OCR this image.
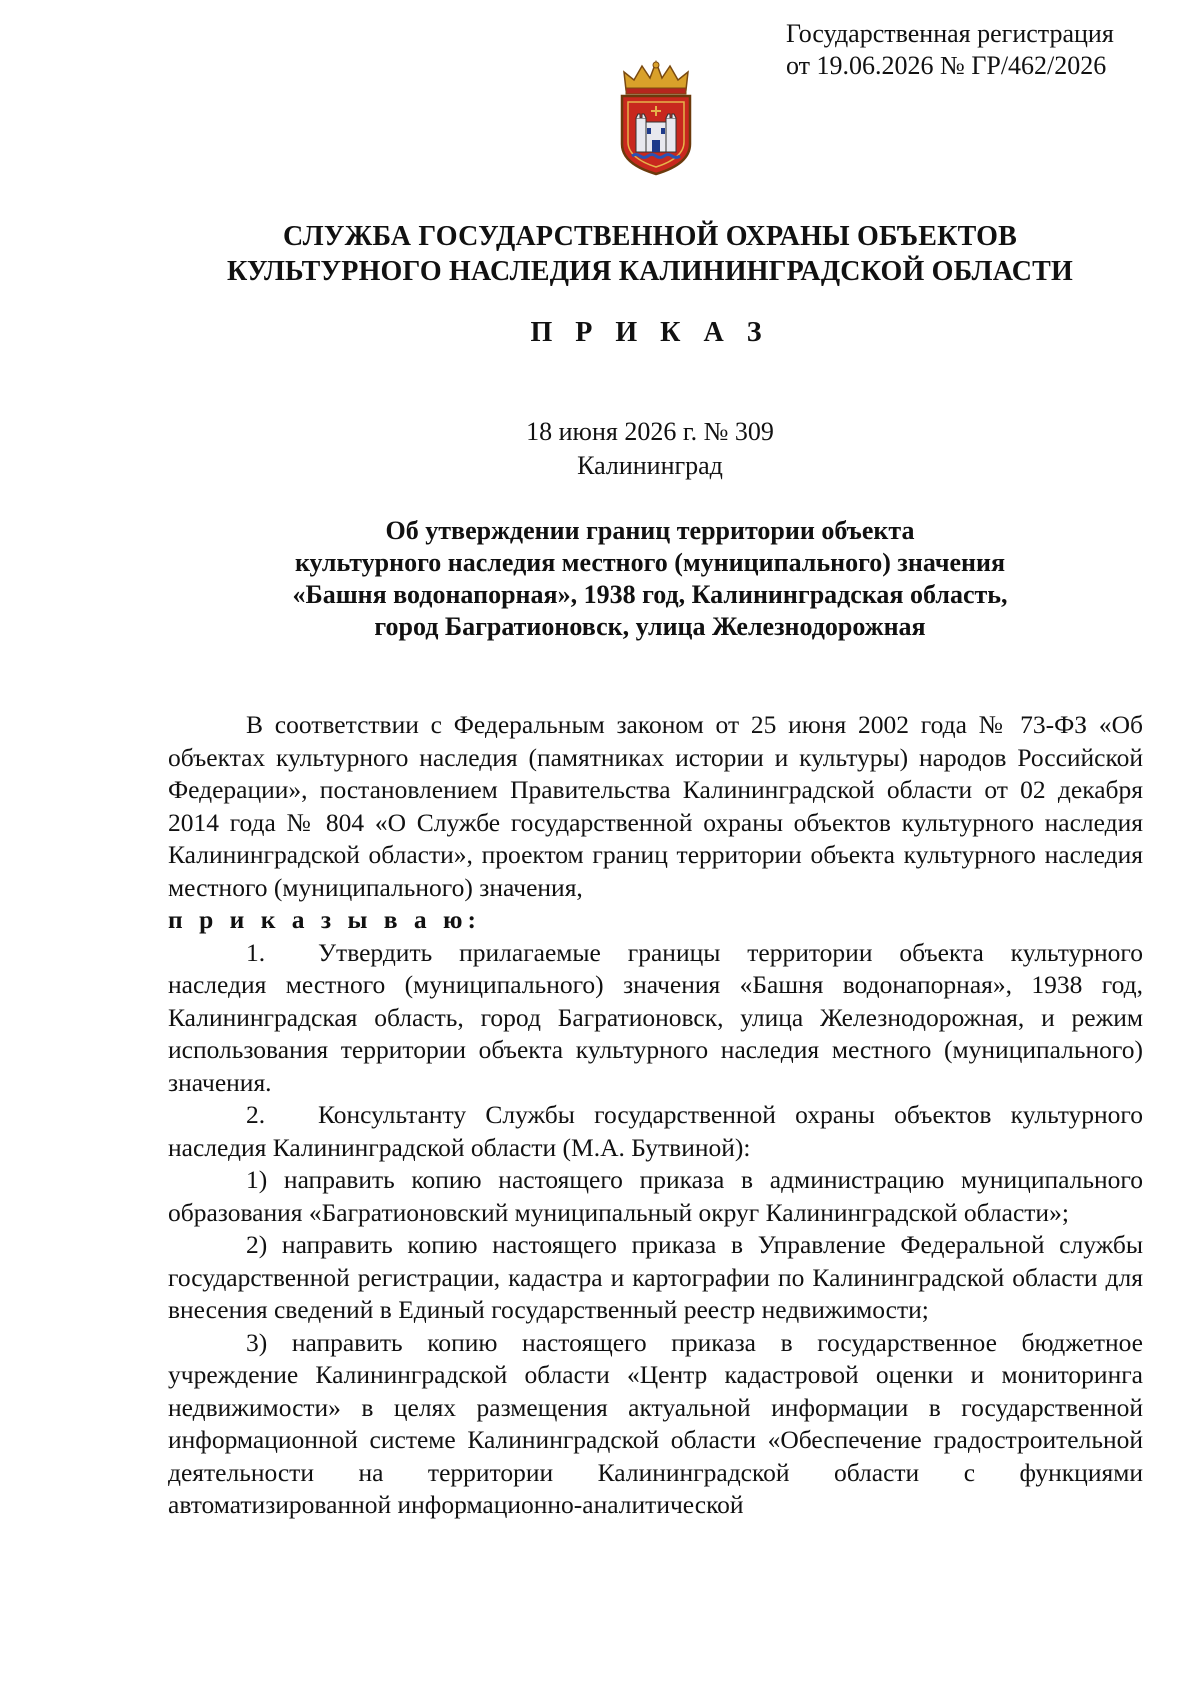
Государственная регистрация
от 19.06.2026 № ГР/462/2026
СЛУЖБА ГОСУДАРСТВЕННОЙ ОХРАНЫ ОБЪЕКТОВ
КУЛЬТУРНОГО НАСЛЕДИЯ КАЛИНИНГРАДСКОЙ ОБЛАСТИ
П Р И К А З
18 июня 2026 г. № 309
Калининград
Об утверждении границ территории объекта
культурного наследия местного (муниципального) значения
«Башня водонапорная», 1938 год, Калининградская область,
город Багратионовск, улица Железнодорожная

В соответствии с Федеральным законом от 25 июня 2002 года № 73-ФЗ «Об объектах культурного наследия (памятниках истории и культуры) народов Российской Федерации», постановлением Правительства Калининградской области от 02 декабря 2014 года № 804 «О Службе государственной охраны объектов культурного наследия Калининградской области», проектом границ территории объекта культурного наследия местного (муниципального) значения,

п р и к а з ы в а ю:

1. Утвердить прилагаемые границы территории объекта культурного наследия местного (муниципального) значения «Башня водонапорная», 1938 год, Калининградская область, город Багратионовск, улица Железнодорожная, и режим использования территории объекта культурного наследия местного (муниципального) значения.

2. Консультанту Службы государственной охраны объектов культурного наследия Калининградской области (М.А. Бутвиной):

1) направить копию настоящего приказа в администрацию муниципального образования «Багратионовский муниципальный округ Калининградской области»;

2) направить копию настоящего приказа в Управление Федеральной службы государственной регистрации, кадастра и картографии по Калининградской области для внесения сведений в Единый государственный реестр недвижимости;

3) направить копию настоящего приказа в государственное бюджетное учреждение Калининградской области «Центр кадастровой оценки и мониторинга недвижимости» в целях размещения актуальной информации в государственной информационной системе Калининградской области «Обеспечение градостроительной деятельности на территории Калининградской области с функциями автоматизированной информационно-аналитической
